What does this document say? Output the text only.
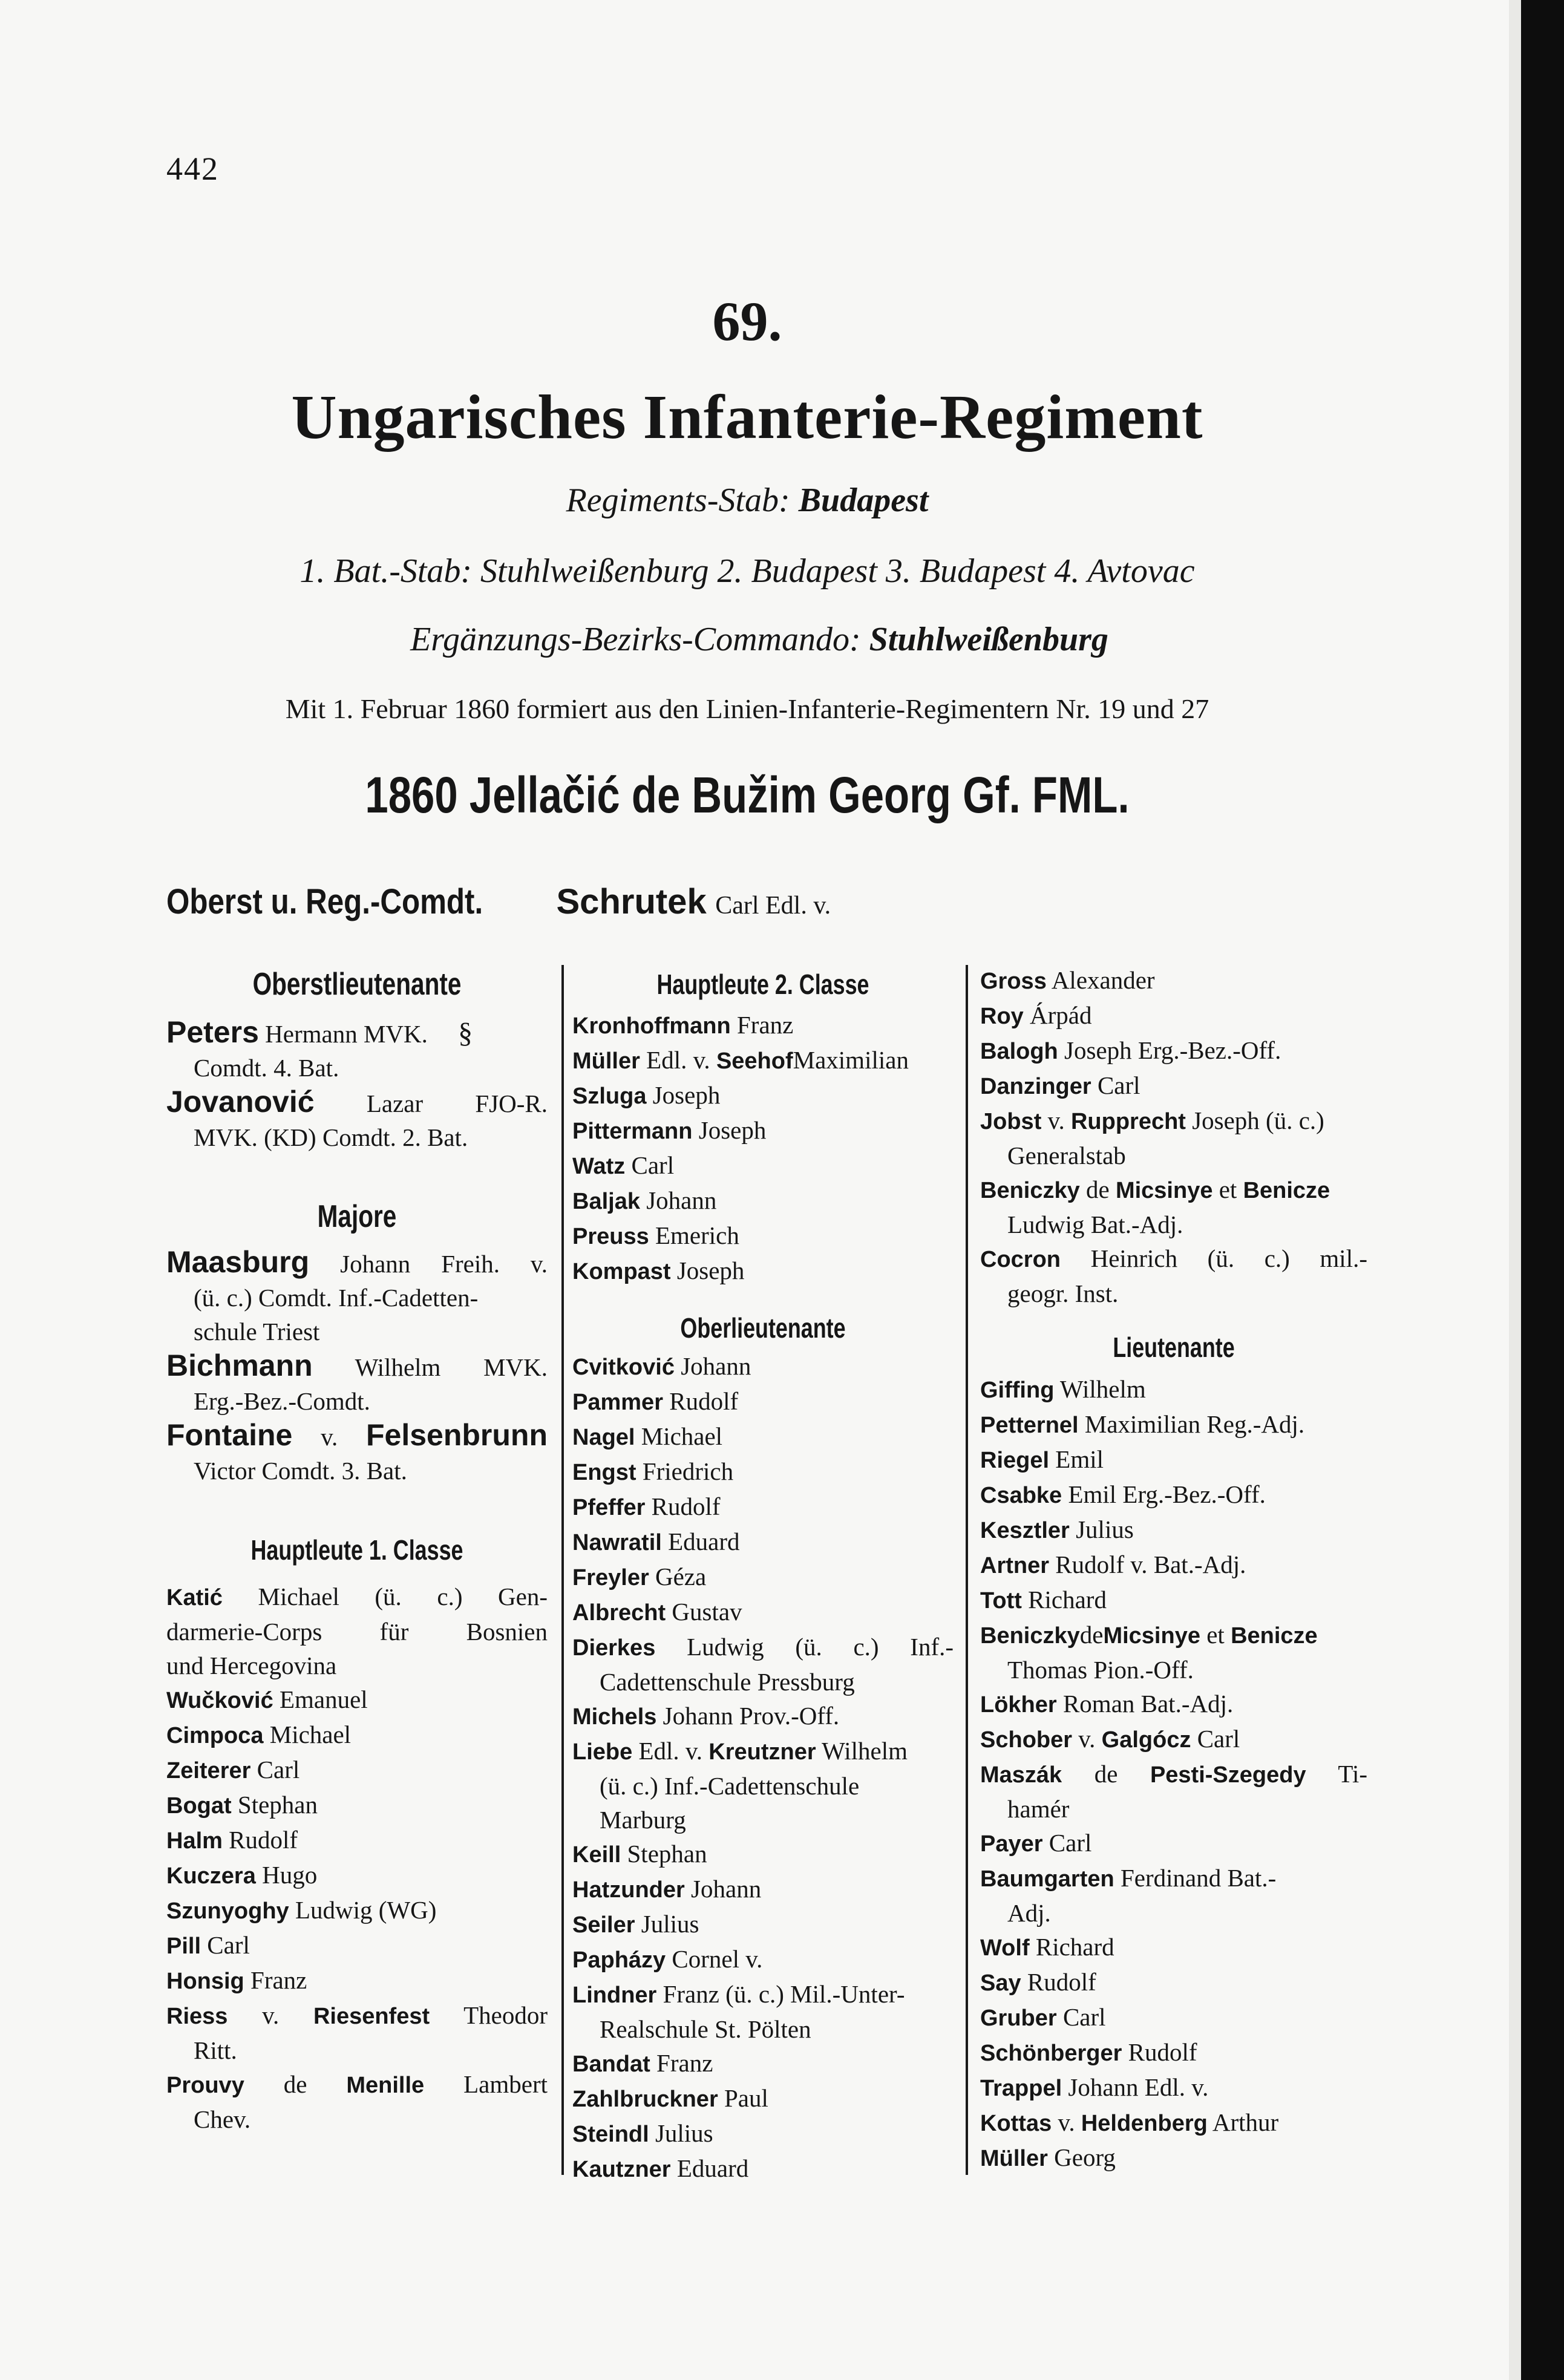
442
69.
Ungarisches Infanterie-Regiment
Regiments-Stab: Budapest
1. Bat.-Stab: Stuhlweißenburg 2. Budapest 3. Budapest 4. Avtovac
Ergänzungs-Bezirks-Commando: Stuhlweißenburg
Mit 1. Februar 1860 formiert aus den Linien-Infanterie-Regimentern Nr. 19 und 27
1860 Jellačić de Bužim Georg Gf. FML.
Oberst u. Reg.-Comdt. Schrutek Carl Edl. v.
Oberstlieutenante
Peters Hermann MVK. §
Comdt. 4. Bat.
Jovanović Lazar FJO-R.
MVK. (KD) Comdt. 2. Bat.
Majore
Maasburg Johann Freih. v.
(ü. c.) Comdt. Inf.-Cadetten-
schule Triest
Bichmann Wilhelm MVK.
Erg.-Bez.-Comdt.
Fontaine v. Felsenbrunn
Victor Comdt. 3. Bat.
Hauptleute 1. Classe
Katić Michael (ü. c.) Gen-
darmerie-Corps für Bosnien
und Hercegovina
Wučković Emanuel
Cimpoca Michael
Zeiterer Carl
Bogat Stephan
Halm Rudolf
Kuczera Hugo
Szunyoghy Ludwig (WG)
Pill Carl
Honsig Franz
Riess v. Riesenfest Theodor
Ritt.
Prouvy de Menille Lambert
Chev.
Hauptleute 2. Classe
Kronhoffmann Franz
Müller Edl. v. SeehofMaximilian
Szluga Joseph
Pittermann Joseph
Watz Carl
Baljak Johann
Preuss Emerich
Kompast Joseph
Oberlieutenante
Cvitković Johann
Pammer Rudolf
Nagel Michael
Engst Friedrich
Pfeffer Rudolf
Nawratil Eduard
Freyler Géza
Albrecht Gustav
Dierkes Ludwig (ü. c.) Inf.-
Cadettenschule Pressburg
Michels Johann Prov.-Off.
Liebe Edl. v. Kreutzner Wilhelm
(ü. c.) Inf.-Cadettenschule
Marburg
Keill Stephan
Hatzunder Johann
Seiler Julius
Papházy Cornel v.
Lindner Franz (ü. c.) Mil.-Unter-
Realschule St. Pölten
Bandat Franz
Zahlbruckner Paul
Steindl Julius
Kautzner Eduard
Gross Alexander
Roy Árpád
Balogh Joseph Erg.-Bez.-Off.
Danzinger Carl
Jobst v. Rupprecht Joseph (ü. c.)
Generalstab
Beniczky de Micsinye et Benicze
Ludwig Bat.-Adj.
Cocron Heinrich (ü. c.) mil.-
geogr. Inst.
Lieutenante
Giffing Wilhelm
Petternel Maximilian Reg.-Adj.
Riegel Emil
Csabke Emil Erg.-Bez.-Off.
Kesztler Julius
Artner Rudolf v. Bat.-Adj.
Tott Richard
BeniczkydeMicsinye et Benicze
Thomas Pion.-Off.
Lökher Roman Bat.-Adj.
Schober v. Galgócz Carl
Maszák de Pesti-Szegedy Ti-
hamér
Payer Carl
Baumgarten Ferdinand Bat.-
Adj.
Wolf Richard
Say Rudolf
Gruber Carl
Schönberger Rudolf
Trappel Johann Edl. v.
Kottas v. Heldenberg Arthur
Müller Georg
